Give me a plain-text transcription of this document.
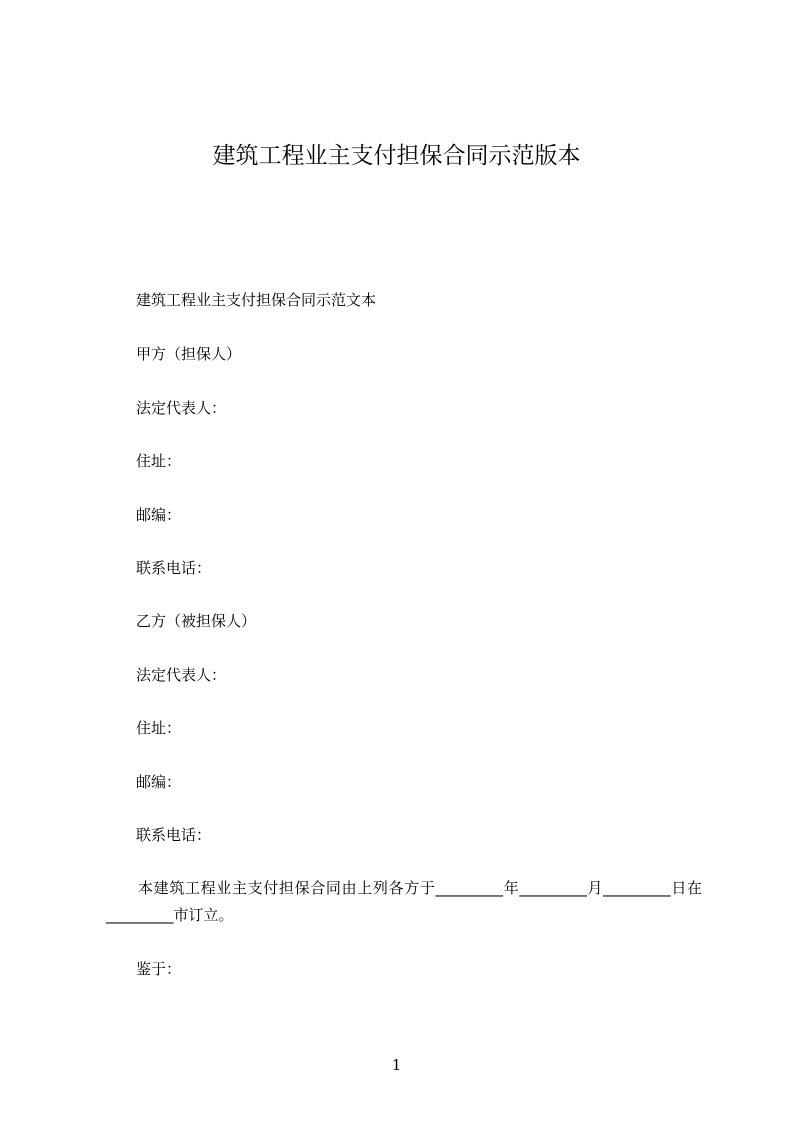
建筑工程业主支付担保合同示范版本

建筑工程业主支付担保合同示范文本

甲方（担保人）

法定代表人：

住址：

邮编：

联系电话：

乙方（被担保人）

法定代表人：

住址：

邮编：

联系电话：

本建筑工程业主支付担保合同由上列各方于_________年_________月_________日在_________市订立。

鉴于：

1
